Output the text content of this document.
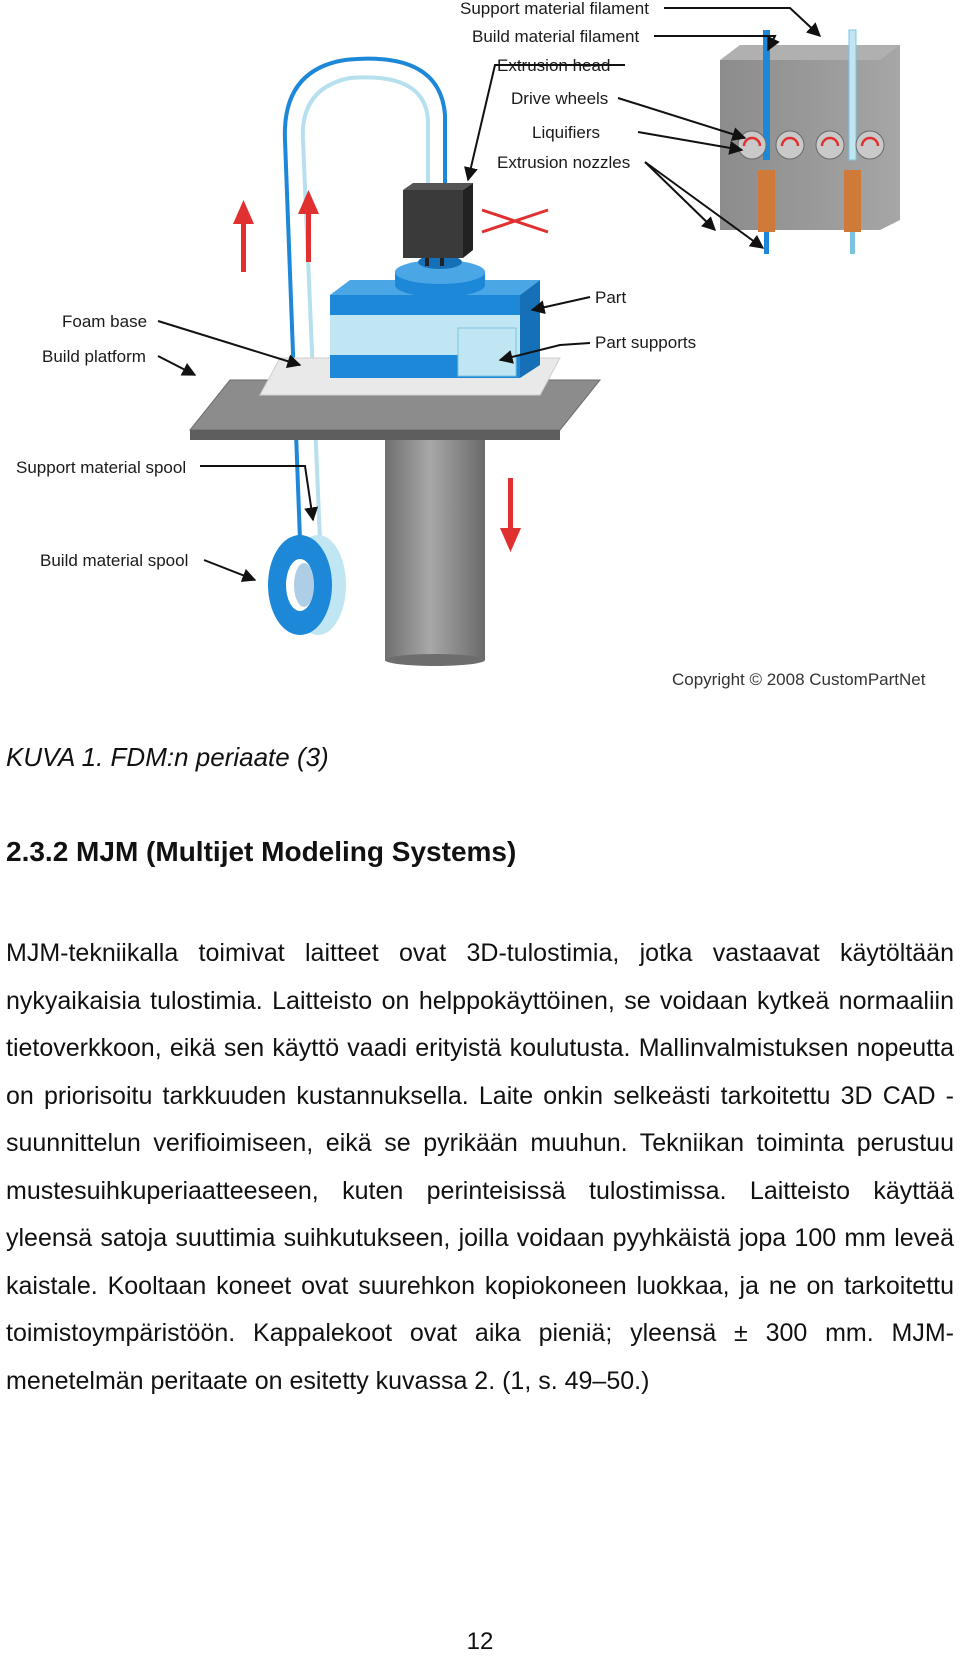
Support material filament
Build material filament
Extrusion head
Drive wheels
Liquifiers
Extrusion nozzles
Foam base
Build platform
Part
Part supports
Support material spool
Build material spool
Copyright © 2008 CustomPartNet

KUVA 1. FDM:n periaate (3)

2.3.2 MJM (Multijet Modeling Systems)

MJM-tekniikalla toimivat laitteet ovat 3D-tulostimia, jotka vastaavat käytöltään nykyaikaisia tulostimia. Laitteisto on helppokäyttöinen, se voidaan kytkeä normaaliin tietoverkkoon, eikä sen käyttö vaadi erityistä koulutusta. Mallinvalmistuksen nopeutta on priorisoitu tarkkuuden kustannuksella. Laite onkin selkeästi tarkoitettu 3D CAD -suunnittelun verifioimiseen, eikä se pyrikään muuhun. Tekniikan toiminta perustuu mustesuihkuperiaatteeseen, kuten perinteisissä tulostimissa. Laitteisto käyttää yleensä satoja suuttimia suihkutukseen, joilla voidaan pyyhkäistä jopa 100 mm leveä kaistale. Kooltaan koneet ovat suurehkon kopiokoneen luokkaa, ja ne on tarkoitettu toimistoympäristöön. Kappalekoot ovat aika pieniä; yleensä ± 300 mm. MJM-menetelmän peritaate on esitetty kuvassa 2. (1, s. 49–50.)

12
